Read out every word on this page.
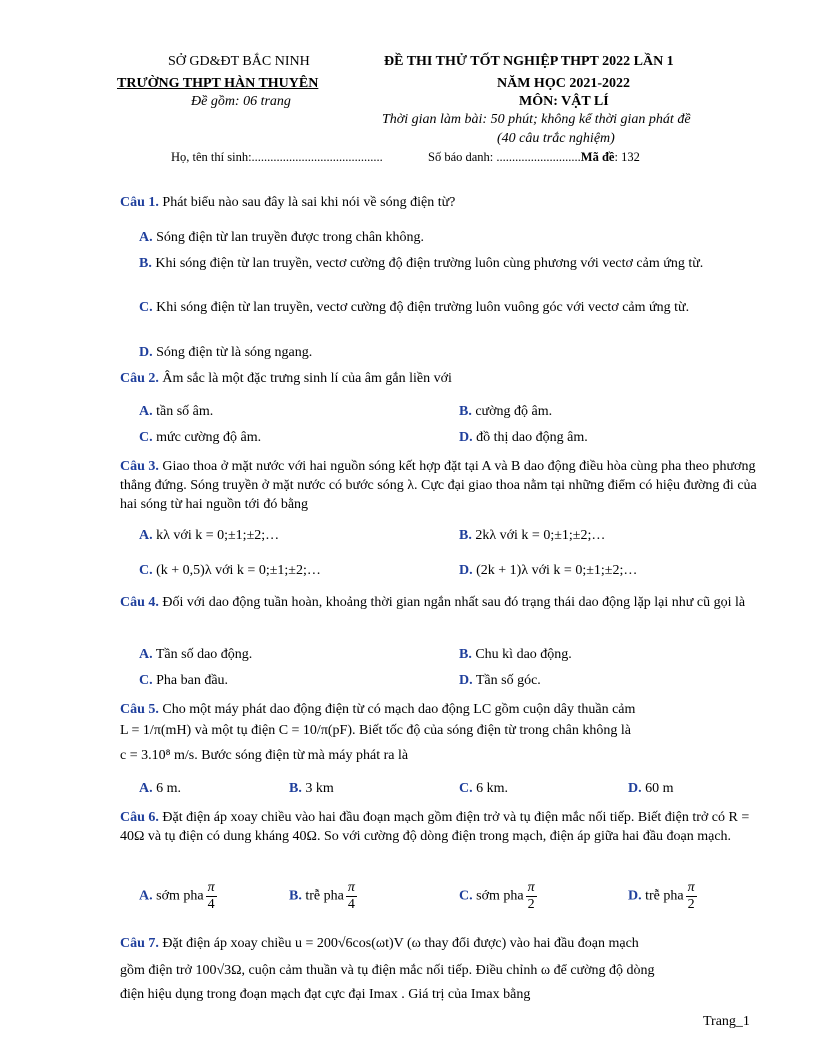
SỞ GD&ĐT BẮC NINH
TRƯỜNG THPT HÀN THUYÊN
Đề gồm: 06 trang
ĐỀ THI THỬ TỐT NGHIỆP THPT 2022 LẦN 1
NĂM HỌC 2021-2022
MÔN: VẬT LÍ
Thời gian làm bài: 50 phút; không kể thời gian phát đề
(40 câu trắc nghiệm)
Họ, tên thí sinh:..........................................	Số báo danh: ...........................Mã đề: 132
Câu 1. Phát biểu nào sau đây là sai khi nói về sóng điện từ?
A. Sóng điện từ lan truyền được trong chân không.
B. Khi sóng điện từ lan truyền, vectơ cường độ điện trường luôn cùng phương với vectơ cảm ứng từ.
C. Khi sóng điện từ lan truyền, vectơ cường độ điện trường luôn vuông góc với vectơ cảm ứng từ.
D. Sóng điện từ là sóng ngang.
Câu 2. Âm sắc là một đặc trưng sinh lí của âm gắn liền với
A. tần số âm.	B. cường độ âm.
C. mức cường độ âm.	D. đồ thị dao động âm.
Câu 3. Giao thoa ở mặt nước với hai nguồn sóng kết hợp đặt tại A và B dao động điều hòa cùng pha theo phương thẳng đứng. Sóng truyền ở mặt nước có bước sóng λ. Cực đại giao thoa nằm tại những điểm có hiệu đường đi của hai sóng từ hai nguồn tới đó bằng
A. kλ với k = 0;±1;±2;…	B. 2kλ với k = 0;±1;±2;…
C. (k + 0,5)λ với k = 0;±1;±2;…	D. (2k + 1)λ với k = 0;±1;±2;…
Câu 4. Đối với dao động tuần hoàn, khoảng thời gian ngắn nhất sau đó trạng thái dao động lặp lại như cũ gọi là
A. Tần số dao động.	B. Chu kì dao động.
C. Pha ban đầu.	D. Tần số góc.
Câu 5. Cho một máy phát dao động điện từ có mạch dao động LC gồm cuộn dây thuần cảm
L = 1/π(mH) và một tụ điện C = 10/π(pF). Biết tốc độ của sóng điện từ trong chân không là
c = 3.10⁸ m/s. Bước sóng điện từ mà máy phát ra là
A. 6 m.	B. 3 km	C. 6 km.	D. 60 m
Câu 6. Đặt điện áp xoay chiều vào hai đầu đoạn mạch gồm điện trở và tụ điện mắc nối tiếp. Biết điện trở có R = 40Ω và tụ điện có dung kháng 40Ω. So với cường độ dòng điện trong mạch, điện áp giữa hai đầu đoạn mạch.
A. sớm pha $\frac{\pi}{4}$	B. trễ pha $\frac{\pi}{4}$	C. sớm pha $\frac{\pi}{2}$	D. trễ pha $\frac{\pi}{2}$
Câu 7. Đặt điện áp xoay chiều u = 200√6cos(ωt)V (ω thay đổi được) vào hai đầu đoạn mạch
gồm điện trở 100√3Ω, cuộn cảm thuần và tụ điện mắc nối tiếp. Điều chỉnh ω để cường độ dòng
điện hiệu dụng trong đoạn mạch đạt cực đại Imax . Giá trị của Imax bằng
Trang_1
